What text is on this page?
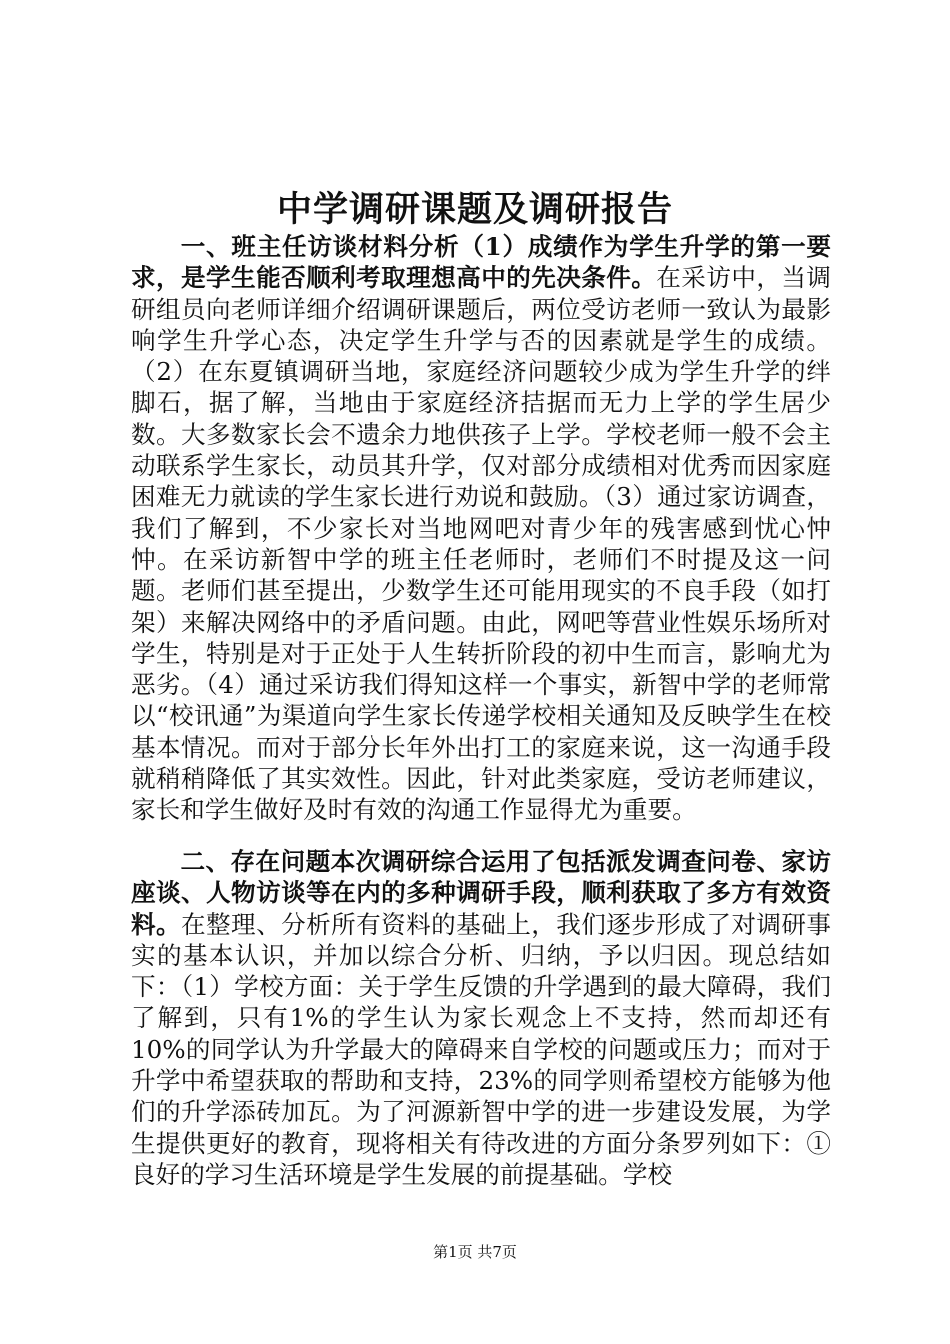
中学调研课题及调研报告

一、班主任访谈材料分析（1）成绩作为学生升学的第一要求，是学生能否顺利考取理想高中的先决条件。在采访中，当调研组员向老师详细介绍调研课题后，两位受访老师一致认为最影响学生升学心态，决定学生升学与否的因素就是学生的成绩。（2）在东夏镇调研当地，家庭经济问题较少成为学生升学的绊脚石，据了解，当地由于家庭经济拮据而无力上学的学生居少数。大多数家长会不遗余力地供孩子上学。学校老师一般不会主动联系学生家长，动员其升学，仅对部分成绩相对优秀而因家庭困难无力就读的学生家长进行劝说和鼓励。（3）通过家访调查，我们了解到，不少家长对当地网吧对青少年的残害感到忧心忡忡。在采访新智中学的班主任老师时，老师们不时提及这一问题。老师们甚至提出，少数学生还可能用现实的不良手段（如打架）来解决网络中的矛盾问题。由此，网吧等营业性娱乐场所对学生，特别是对于正处于人生转折阶段的初中生而言，影响尤为恶劣。（4）通过采访我们得知这样一个事实，新智中学的老师常以“校讯通”为渠道向学生家长传递学校相关通知及反映学生在校基本情况。而对于部分长年外出打工的家庭来说，这一沟通手段就稍稍降低了其实效性。因此，针对此类家庭，受访老师建议，家长和学生做好及时有效的沟通工作显得尤为重要。

二、存在问题本次调研综合运用了包括派发调查问卷、家访座谈、人物访谈等在内的多种调研手段，顺利获取了多方有效资料。在整理、分析所有资料的基础上，我们逐步形成了对调研事实的基本认识，并加以综合分析、归纳，予以归因。现总结如下：（1）学校方面：关于学生反馈的升学遇到的最大障碍，我们了解到，只有1%的学生认为家长观念上不支持，然而却还有10%的同学认为升学最大的障碍来自学校的问题或压力；而对于升学中希望获取的帮助和支持，23%的同学则希望校方能够为他们的升学添砖加瓦。为了河源新智中学的进一步建设发展，为学生提供更好的教育，现将相关有待改进的方面分条罗列如下：①良好的学习生活环境是学生发展的前提基础。学校

第1页 共7页
